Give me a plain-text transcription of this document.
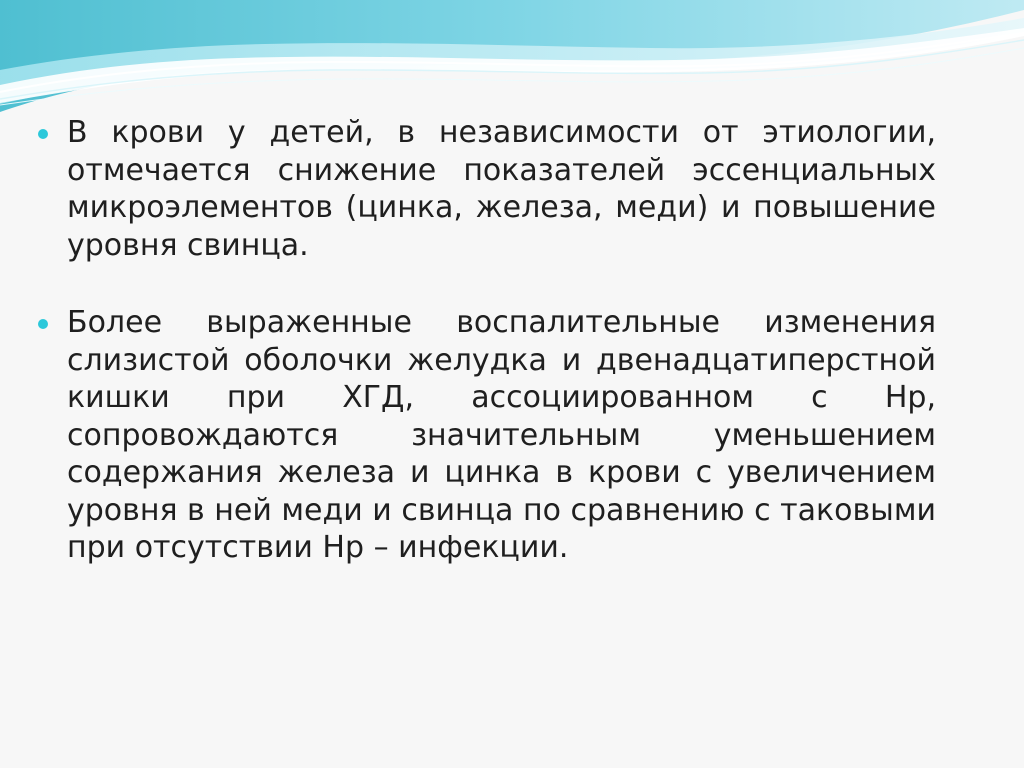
В крови у детей, в независимости от этиологии, отмечается снижение показателей эссенциальных микроэлементов (цинка, железа, меди) и повышение уровня свинца.
Более выраженные воспалительные изменения слизистой оболочки желудка и двенадцатиперстной кишки при ХГД, ассоциированном с Нр, сопровождаются значительным уменьшением содержания железа и цинка в крови с увеличением уровня в ней меди и свинца по сравнению с таковыми при отсутствии Нр – инфекции.
